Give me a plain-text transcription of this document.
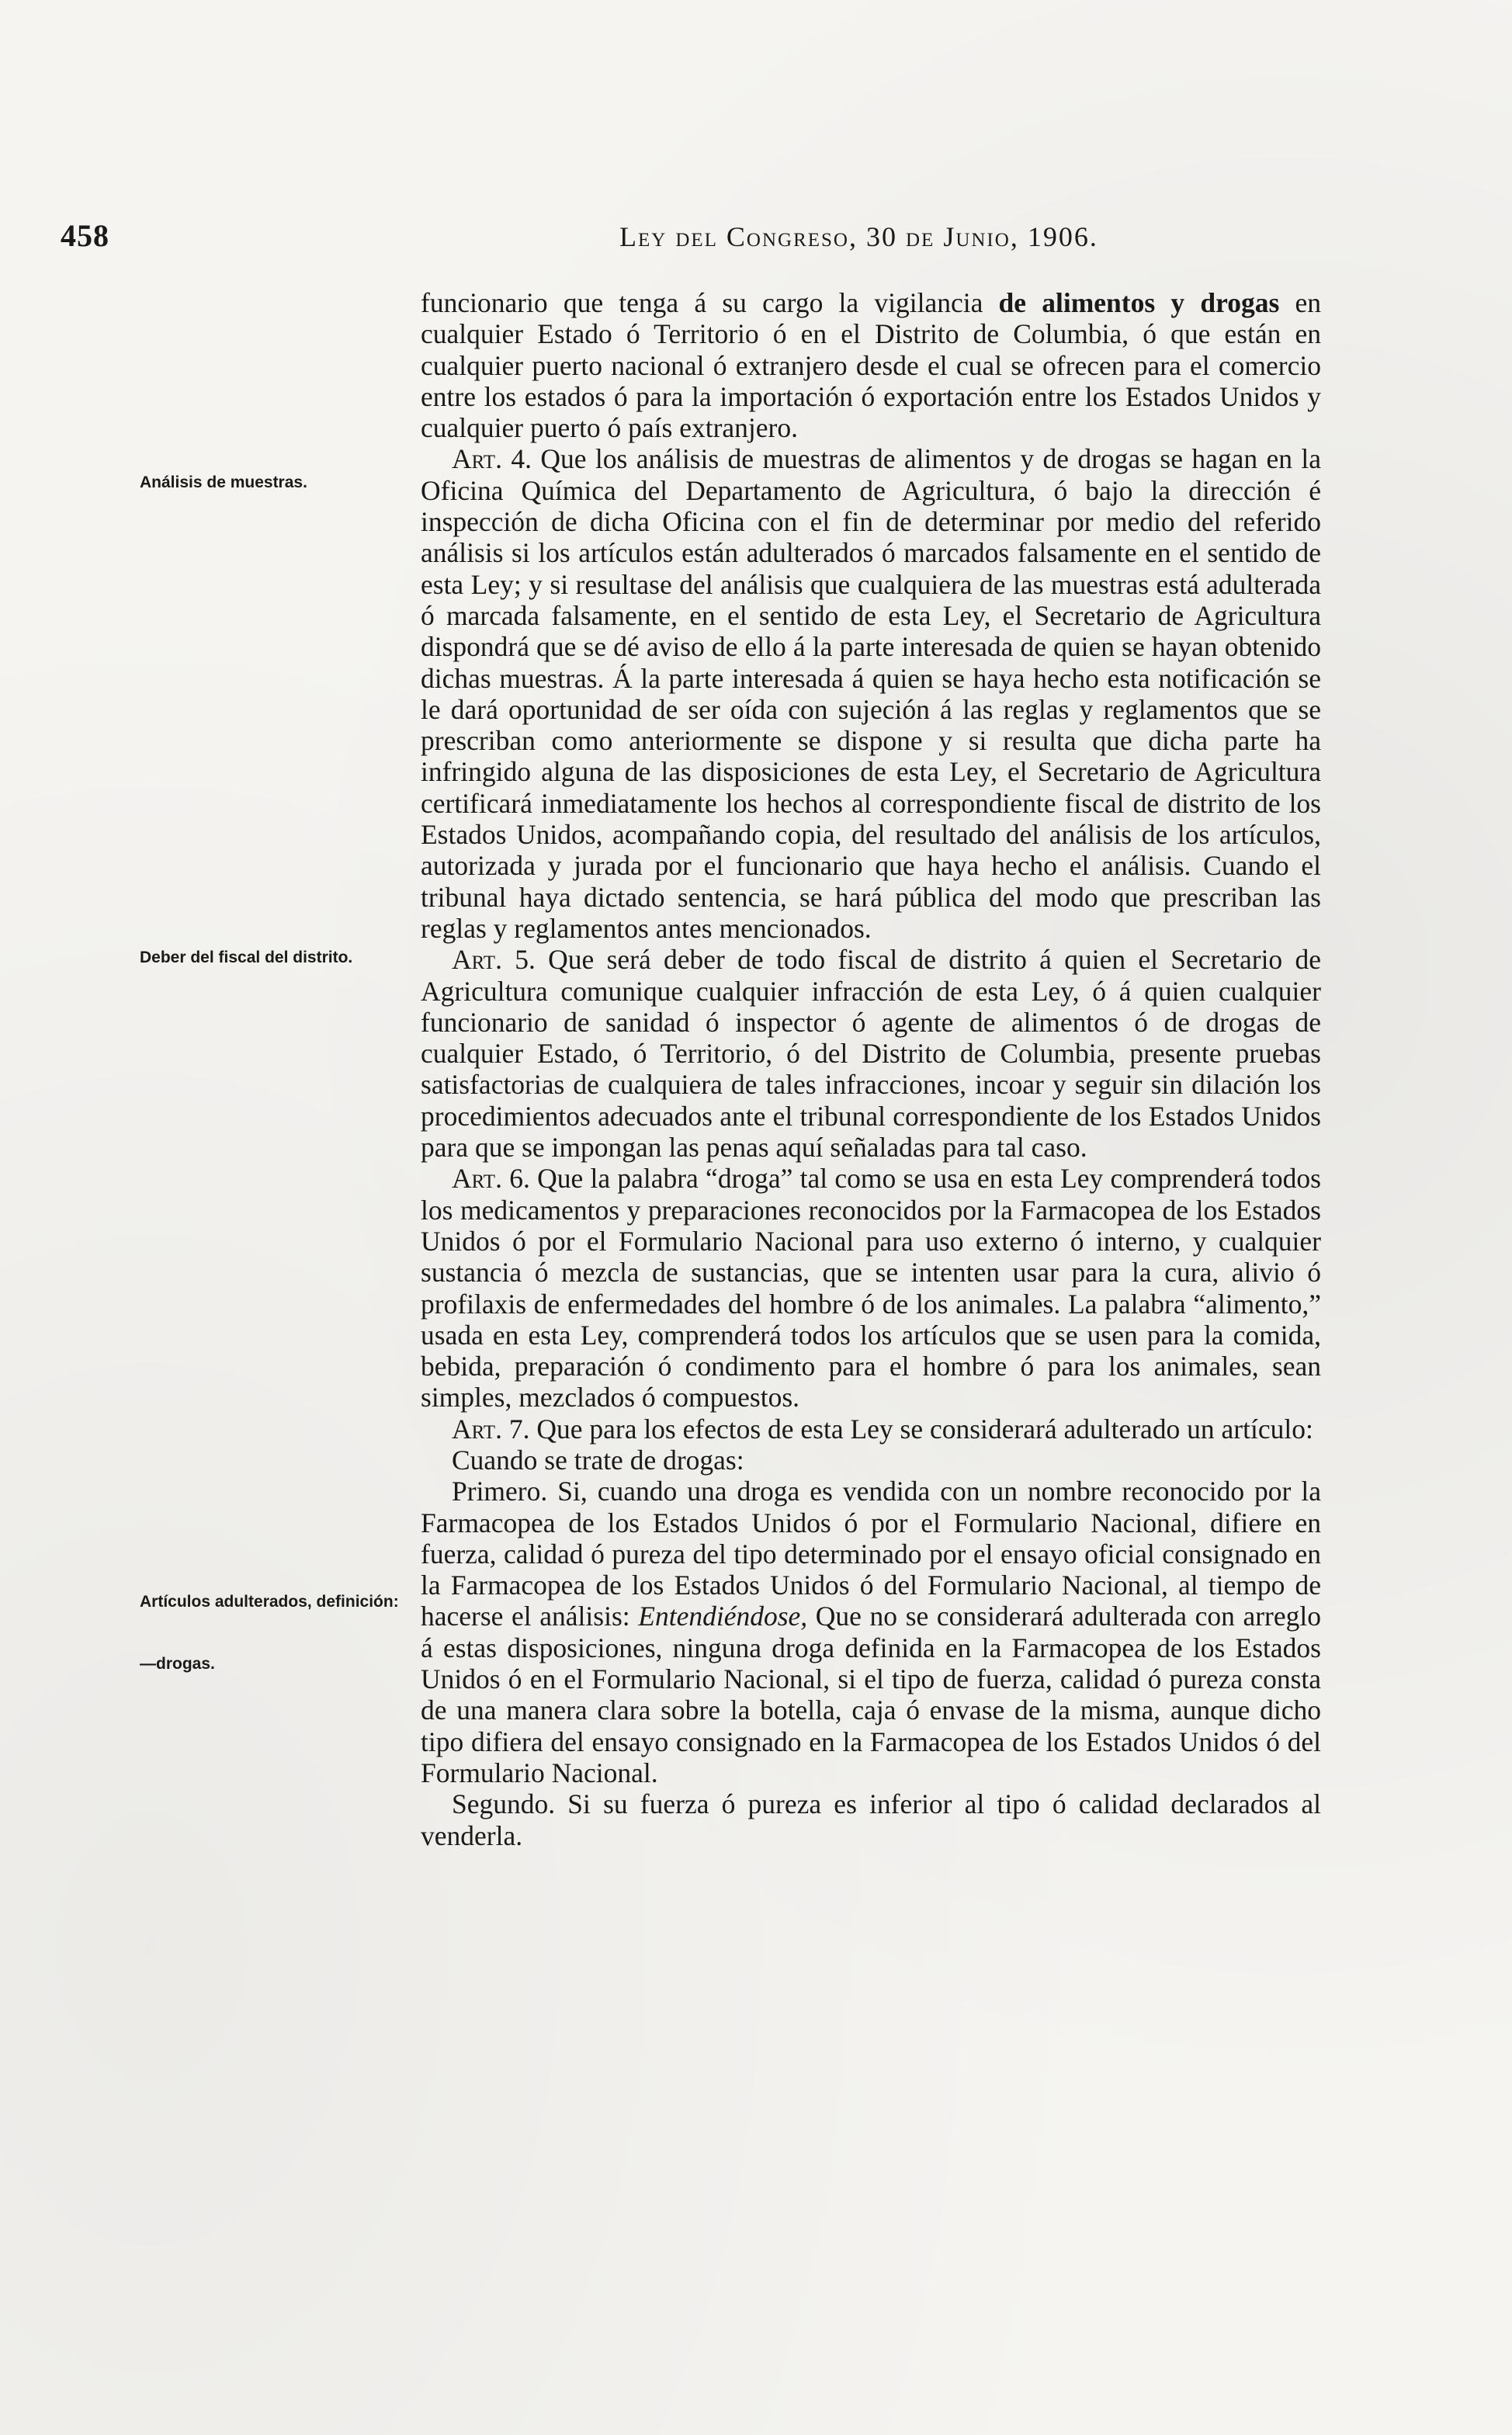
458	Ley del Congreso, 30 de Junio, 1906.
Análisis de muestras.
Deber del fiscal del distrito.
Artículos adulterados, definición:
—drogas.

funcionario que tenga á su cargo la vigilancia de alimentos y drogas en cualquier Estado ó Territorio ó en el Distrito de Columbia, ó que están en cualquier puerto nacional ó extranjero desde el cual se ofrecen para el comercio entre los estados ó para la importación ó exportación entre los Estados Unidos y cualquier puerto ó país extranjero.

Art. 4. Que los análisis de muestras de alimentos y de drogas se hagan en la Oficina Química del Departamento de Agricultura, ó bajo la dirección é inspección de dicha Oficina con el fin de determinar por medio del referido análisis si los artículos están adulterados ó marcados falsamente en el sentido de esta Ley; y si resultase del análisis que cualquiera de las muestras está adulterada ó marcada falsamente, en el sentido de esta Ley, el Secretario de Agricultura dispondrá que se dé aviso de ello á la parte interesada de quien se hayan obtenido dichas muestras. Á la parte interesada á quien se haya hecho esta notificación se le dará oportunidad de ser oída con sujeción á las reglas y reglamentos que se prescriban como anteriormente se dispone y si resulta que dicha parte ha infringido alguna de las disposiciones de esta Ley, el Secretario de Agricultura certificará inmediatamente los hechos al correspondiente fiscal de distrito de los Estados Unidos, acompañando copia, del resultado del análisis de los artículos, autorizada y jurada por el funcionario que haya hecho el análisis. Cuando el tribunal haya dictado sentencia, se hará pública del modo que prescriban las reglas y reglamentos antes mencionados.

Art. 5. Que será deber de todo fiscal de distrito á quien el Secretario de Agricultura comunique cualquier infracción de esta Ley, ó á quien cualquier funcionario de sanidad ó inspector ó agente de alimentos ó de drogas de cualquier Estado, ó Territorio, ó del Distrito de Columbia, presente pruebas satisfactorias de cualquiera de tales infracciones, incoar y seguir sin dilación los procedimientos adecuados ante el tribunal correspondiente de los Estados Unidos para que se impongan las penas aquí señaladas para tal caso.

Art. 6. Que la palabra “droga” tal como se usa en esta Ley comprenderá todos los medicamentos y preparaciones reconocidos por la Farmacopea de los Estados Unidos ó por el Formulario Nacional para uso externo ó interno, y cualquier sustancia ó mezcla de sustancias, que se intenten usar para la cura, alivio ó profilaxis de enfermedades del hombre ó de los animales. La palabra “alimento,” usada en esta Ley, comprenderá todos los artículos que se usen para la comida, bebida, preparación ó condimento para el hombre ó para los animales, sean simples, mezclados ó compuestos.

Art. 7. Que para los efectos de esta Ley se considerará adulterado un artículo:

Cuando se trate de drogas:

Primero. Si, cuando una droga es vendida con un nombre reconocido por la Farmacopea de los Estados Unidos ó por el Formulario Nacional, difiere en fuerza, calidad ó pureza del tipo determinado por el ensayo oficial consignado en la Farmacopea de los Estados Unidos ó del Formulario Nacional, al tiempo de hacerse el análisis: Entendiéndose, Que no se considerará adulterada con arreglo á estas disposiciones, ninguna droga definida en la Farmacopea de los Estados Unidos ó en el Formulario Nacional, si el tipo de fuerza, calidad ó pureza consta de una manera clara sobre la botella, caja ó envase de la misma, aunque dicho tipo difiera del ensayo consignado en la Farmacopea de los Estados Unidos ó del Formulario Nacional.

Segundo. Si su fuerza ó pureza es inferior al tipo ó calidad declarados al venderla.
